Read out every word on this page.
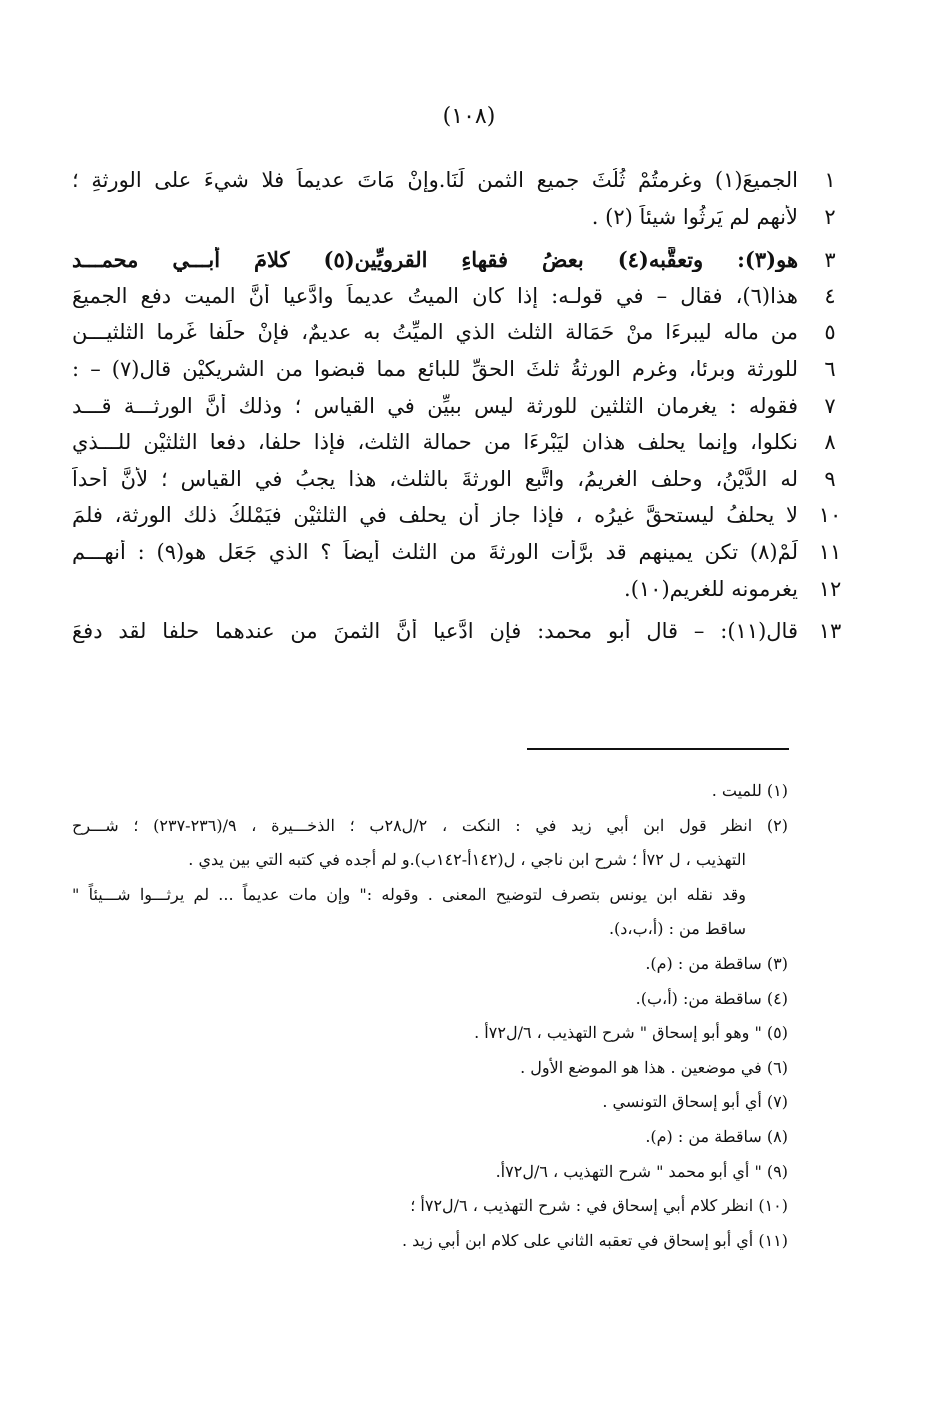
(١٠٨)
١
الجميعَ(١) وغرمتُمْ ثُلُثَ جميعِ الثمنِ لَنَا.وإنْ مَاتَ عديماً فلا شيءَ على الورثةِ ؛
٢
لأنهم لم يَرِثُوا شيئاً (٢) .
٣
هو(٣): وتعقَّبه(٤) بعضُ فقهاءِ القرويِّين(٥) كلامَ أبـــي محمـــد
٤
هذا(٦)، فقال – في قولـه: إذا كان الميتُ عديماً وادَّعيا أنَّ الميت دفع الجميعَ
٥
من ماله ليبرءَا منْ حَمَالة الثلث الذي الميِّتُ به عديمٌ، فإنْ حلَفا غَرِما الثلثيـــن
٦
للورثة وبرئا، وغرم الورثةُ ثلثَ الحقِّ للبائع مما قبضوا من الشريكيْن قال(٧) – :
٧
فقوله : يغرمان الثلثين للورثة ليس ببيِّنٍ في القياس ؛ وذلك أنَّ الورثـــة قـــد
٨
نكلوا، وإنما يحلف هذان ليَبْرءَا من حمالة الثلث، فإذا حلفا، دفعا الثلثيْن للـــذي
٩
له الدَّيْنُ، وحلف الغريمُ، واتَّبع الورثةَ بالثلث، هذا يجبُ في القياس ؛ لأنَّ أحداً
١٠
لا يحلفُ ليستحقَّ غيرُه ، فإذا جاز أن يحلف في الثلثيْن فيَمْلكُ ذلك الورثة، فلمَ
١١
لَمْ(٨) تكن يمينهم قد برَّأت الورثةَ من الثلث أيضاً ؟ الذي جَعَل هو(٩) : أنهـــم
١٢
يغرمونه للغريمِ(١٠).
١٣
قال(١١): – قال أبو محمد: فإن ادَّعيا أنَّ الثمنَ من عندهما حلفا لقد دفعَ
(١) للميت .
(٢) انظر قول ابن أبي زيد في : النكت ، ٢/ل٢٨ب ؛ الذخـــيرة ، ٩/(٢٣٦-٢٣٧) ؛ شـــرح
التهذيب ، ل ٧٢أ ؛ شرح ابن ناجي ، ل(١٤٢أ-١٤٢ب).و لم أجده في كتبه التي بين يدي .
وقد نقله ابن يونس بتصرف لتوضيح المعنى . وقوله :" وإن مات عديماً ... لم يرثـــوا شـــيئاً "
ساقط من : (أ،ب،د).
(٣) ساقطة من : (م).
(٤) ساقطة من: (أ،ب).
(٥) " وهو أبو إسحاق " شرح التهذيب ، ٦/ل٧٢أ .
(٦) في موضعين . هذا هو الموضع الأول .
(٧) أي أبو إسحاق التونسي .
(٨) ساقطة من : (م).
(٩) " أي أبو محمد " شرح التهذيب ، ٦/ل٧٢أ.
(١٠) انظر كلام أبي إسحاق في : شرح التهذيب ، ٦/ل٧٢أ ؛
(١١) أي أبو إسحاق في تعقبه الثاني على كلام ابن أبي زيد .
